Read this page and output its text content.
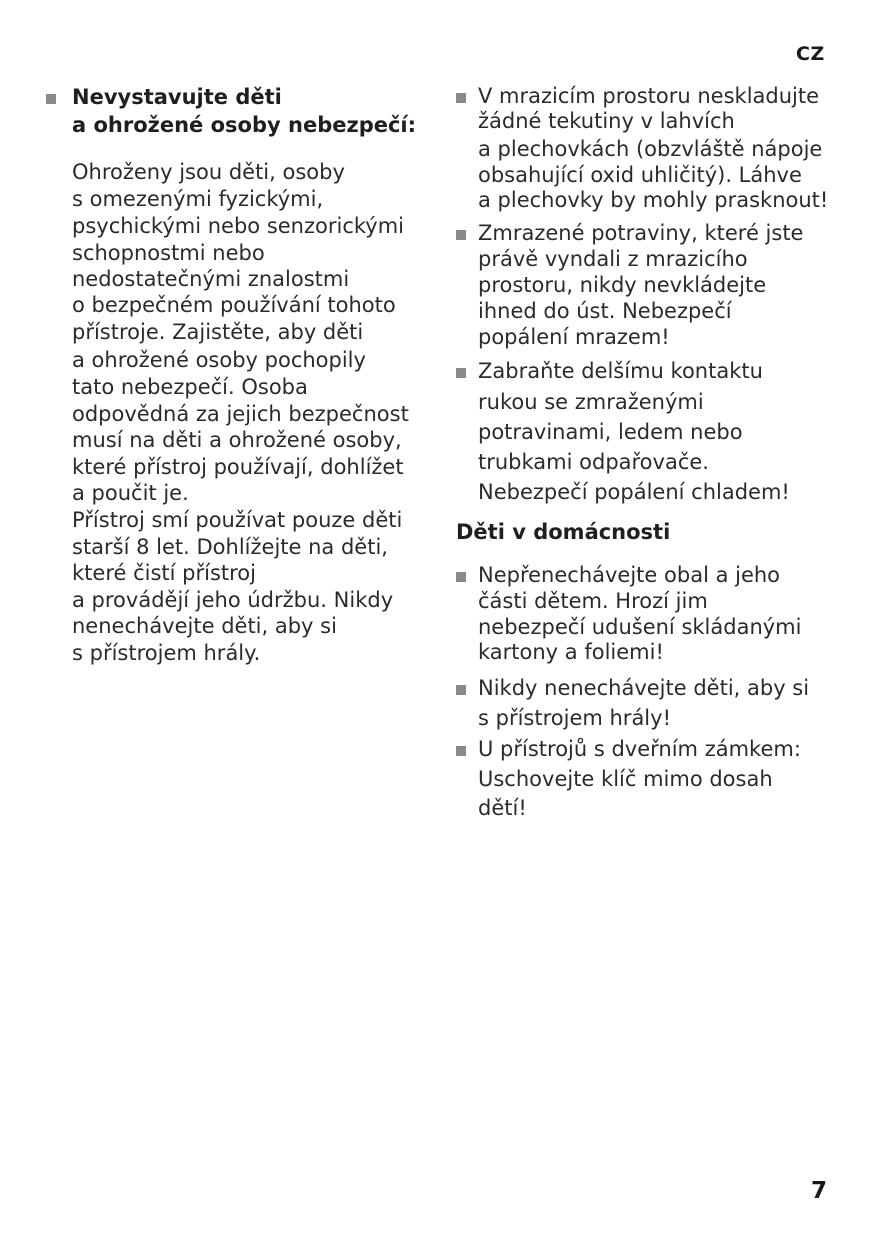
CZ
Nevystavujte děti
a ohrožené osoby nebezpečí:
Ohroženy jsou děti, osoby
s omezenými fyzickými,
psychickými nebo senzorickými
schopnostmi nebo
nedostatečnými znalostmi
o bezpečném používání tohoto
přístroje. Zajistěte, aby děti
a ohrožené osoby pochopily
tato nebezpečí. Osoba
odpovědná za jejich bezpečnost
musí na děti a ohrožené osoby,
které přístroj používají, dohlížet
a poučit je.
Přístroj smí používat pouze děti
starší 8 let. Dohlížejte na děti,
které čistí přístroj
a provádějí jeho údržbu. Nikdy
nenechávejte děti, aby si
s přístrojem hrály.
V mrazicím prostoru neskladujte
žádné tekutiny v lahvích
a plechovkách (obzvláště nápoje
obsahující oxid uhličitý). Láhve
a plechovky by mohly prasknout!
Zmrazené potraviny, které jste
právě vyndali z mrazicího
prostoru, nikdy nevkládejte
ihned do úst. Nebezpečí
popálení mrazem!
Zabraňte delšímu kontaktu
rukou se zmraženými
potravinami, ledem nebo
trubkami odpařovače.
Nebezpečí popálení chladem!
Děti v domácnosti
Nepřenechávejte obal a jeho
části dětem. Hrozí jim
nebezpečí udušení skládanými
kartony a foliemi!
Nikdy nenechávejte děti, aby si
s přístrojem hrály!
U přístrojů s dveřním zámkem:
Uschovejte klíč mimo dosah
dětí!
7
